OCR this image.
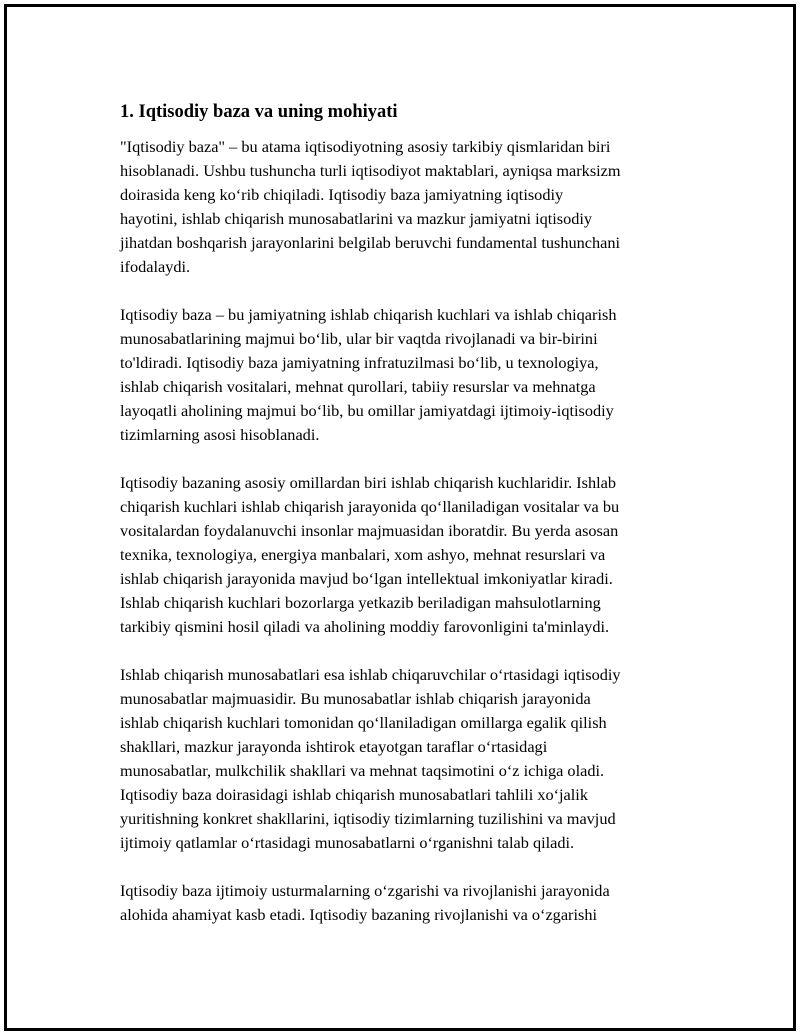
1. Iqtisodiy baza va uning mohiyati

"Iqtisodiy baza" – bu atama iqtisodiyotning asosiy tarkibiy qismlaridan biri
hisoblanadi. Ushbu tushuncha turli iqtisodiyot maktablari, ayniqsa marksizm
doirasida keng ko‘rib chiqiladi. Iqtisodiy baza jamiyatning iqtisodiy
hayotini, ishlab chiqarish munosabatlarini va mazkur jamiyatni iqtisodiy
jihatdan boshqarish jarayonlarini belgilab beruvchi fundamental tushunchani
ifodalaydi.

Iqtisodiy baza – bu jamiyatning ishlab chiqarish kuchlari va ishlab chiqarish
munosabatlarining majmui bo‘lib, ular bir vaqtda rivojlanadi va bir-birini
to'ldiradi. Iqtisodiy baza jamiyatning infratuzilmasi bo‘lib, u texnologiya,
ishlab chiqarish vositalari, mehnat qurollari, tabiiy resurslar va mehnatga
layoqatli aholining majmui bo‘lib, bu omillar jamiyatdagi ijtimoiy-iqtisodiy
tizimlarning asosi hisoblanadi.

Iqtisodiy bazaning asosiy omillardan biri ishlab chiqarish kuchlaridir. Ishlab
chiqarish kuchlari ishlab chiqarish jarayonida qo‘llaniladigan vositalar va bu
vositalardan foydalanuvchi insonlar majmuasidan iboratdir. Bu yerda asosan
texnika, texnologiya, energiya manbalari, xom ashyo, mehnat resurslari va
ishlab chiqarish jarayonida mavjud bo‘lgan intellektual imkoniyatlar kiradi.
Ishlab chiqarish kuchlari bozorlarga yetkazib beriladigan mahsulotlarning
tarkibiy qismini hosil qiladi va aholining moddiy farovonligini ta'minlaydi.

Ishlab chiqarish munosabatlari esa ishlab chiqaruvchilar o‘rtasidagi iqtisodiy
munosabatlar majmuasidir. Bu munosabatlar ishlab chiqarish jarayonida
ishlab chiqarish kuchlari tomonidan qo‘llaniladigan omillarga egalik qilish
shakllari, mazkur jarayonda ishtirok etayotgan taraflar o‘rtasidagi
munosabatlar, mulkchilik shakllari va mehnat taqsimotini o‘z ichiga oladi.
Iqtisodiy baza doirasidagi ishlab chiqarish munosabatlari tahlili xo‘jalik
yuritishning konkret shakllarini, iqtisodiy tizimlarning tuzilishini va mavjud
ijtimoiy qatlamlar o‘rtasidagi munosabatlarni o‘rganishni talab qiladi.

Iqtisodiy baza ijtimoiy usturmalarning o‘zgarishi va rivojlanishi jarayonida
alohida ahamiyat kasb etadi. Iqtisodiy bazaning rivojlanishi va o‘zgarishi
